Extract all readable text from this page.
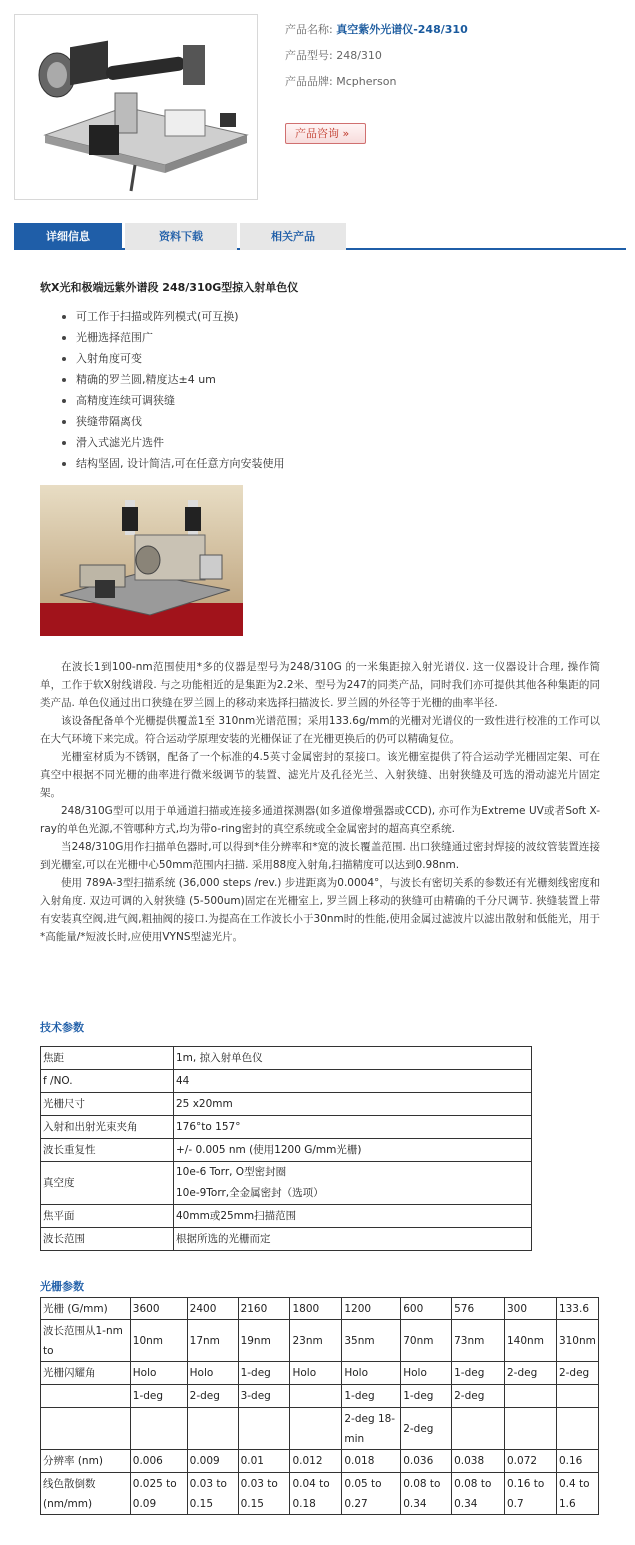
产品名称: 真空紫外光谱仪-248/310
产品型号: 248/310
产品品牌: Mcpherson
产品咨询 »
详细信息	资料下载	相关产品
软X光和极端远紫外谱段 248/310G型掠入射单色仪
可工作于扫描或阵列模式(可互换)
光栅选择范围广
入射角度可变
精确的罗兰圆,精度达±4 um
高精度连续可调狭缝
狭缝带隔离伐
滑入式滤光片选件
结构坚固, 设计简洁,可在任意方向安装使用

在波长1到100-nm范围使用*多的仪器是型号为248/310G 的一米集距掠入射光谱仪. 这一仪器设计合理, 操作简单，工作于软X射线谱段. 与之功能相近的是集距为2.2米、型号为247的同类产品，同时我们亦可提供其他各种集距的同类产品. 单色仪通过出口狭缝在罗兰圆上的移动来选择扫描波长. 罗兰圆的外径等于光栅的曲率半径.

该设备配备单个光栅提供覆盖1至 310nm光谱范围；采用133.6g/mm的光栅对光谱仪的一致性进行校准的工作可以在大气环境下来完成。符合运动学原理安装的光栅保证了在光栅更换后的仍可以精确复位。

光栅室材质为不锈钢，配备了一个标准的4.5英寸金属密封的泵接口。该光栅室提供了符合运动学光栅固定架、可在真空中根据不同光栅的曲率进行微米级调节的装置、滤光片及孔径光兰、入射狭缝、出射狭缝及可选的滑动滤光片固定架。

248/310G型可以用于单通道扫描或连接多通道探测器(如多道像增强器或CCD), 亦可作为Extreme UV或者Soft X-ray的单色光源,不管哪种方式,均为带o-ring密封的真空系统或全金属密封的超高真空系统.

当248/310G用作扫描单色器时,可以得到*佳分辨率和*宽的波长覆盖范围. 出口狭缝通过密封焊接的波纹管装置连接到光栅室,可以在光栅中心50mm范围内扫描. 采用88度入射角,扫描精度可以达到0.98nm.

使用 789A-3型扫描系统 (36,000 steps /rev.) 步进距离为0.0004°，与波长有密切关系的参数还有光栅刻线密度和入射角度. 双边可调的入射狭缝 (5-500um)固定在光栅室上, 罗兰圆上移动的狭缝可由精确的千分尺调节. 狭缝装置上带有安装真空阀,进气阀,粗抽阀的接口.为提高在工作波长小于30nm时的性能,使用金属过滤波片以滤出散射和低能光，用于*高能量/*短波长时,应使用VYNS型滤光片。

技术参数
焦距	1m, 掠入射单色仪
f /NO.	44
光栅尺寸	25 x20mm
入射和出射光束夹角	176°to 157°
波长重复性	+/- 0.005 nm (使用1200 G/mm光栅)
真空度	10e-6 Torr, O型密封圈
10e-9Torr,全金属密封（选项）

焦平面	40mm或25mm扫描范围
波长范围	根据所选的光栅而定
光栅参数
光栅 (G/mm)	3600	2400	2160	1800	1200	600	576	300	133.6
波长范围从1-nm to	10nm	17nm	19nm	23nm	35nm	70nm	73nm	140nm	310nm
光栅闪耀角	Holo	Holo	1-deg	Holo	Holo	Holo	1-deg	2-deg	2-deg
	1-deg	2-deg	3-deg		1-deg	1-deg	2-deg		
					2-deg 18-min	2-deg			
分辨率 (nm)	0.006	0.009	0.01	0.012	0.018	0.036	0.038	0.072	0.16
线色散倒数 (nm/mm)	0.025 to 0.09	0.03 to 0.15	0.03 to 0.15	0.04 to 0.18	0.05 to 0.27	0.08 to 0.34	0.08 to 0.34	0.16 to 0.7	0.4 to 1.6
